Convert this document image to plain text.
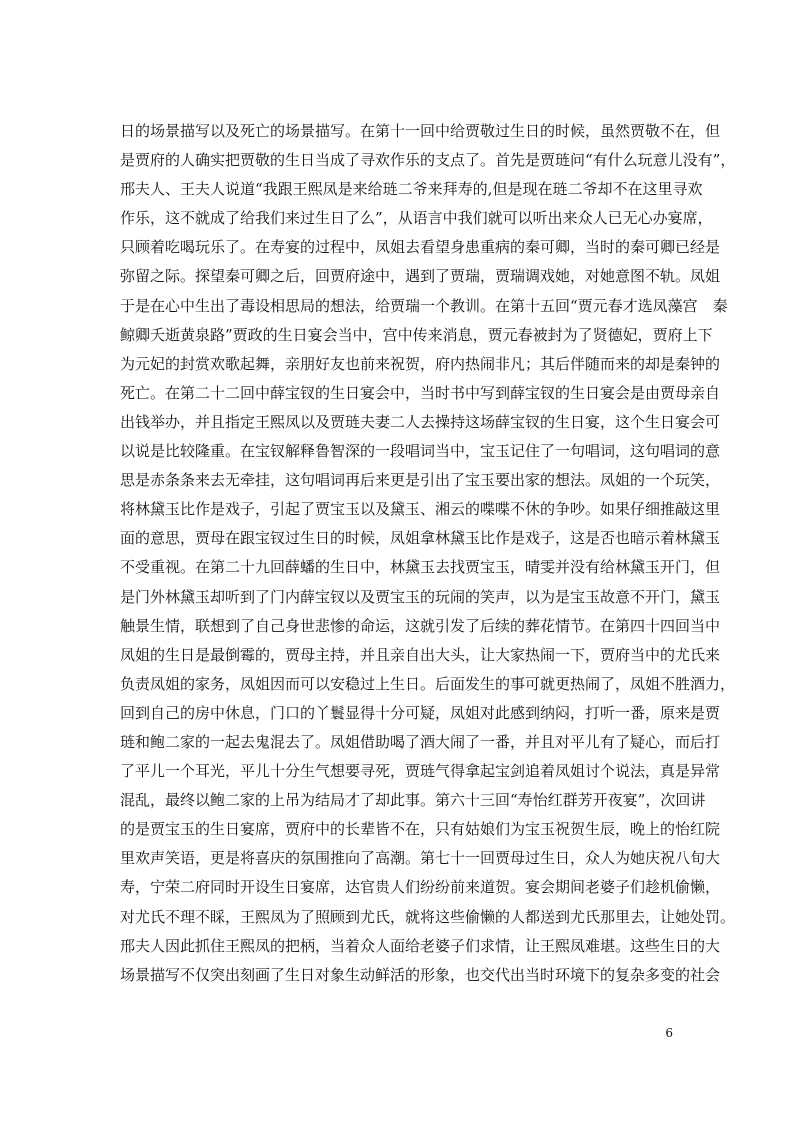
日的场景描写以及死亡的场景描写。在第十一回中给贾敬过生日的时候，虽然贾敬不在，但
是贾府的人确实把贾敬的生日当成了寻欢作乐的支点了。首先是贾琏问“有什么玩意儿没有”，
邢夫人、王夫人说道“我跟王熙凤是来给琏二爷来拜寿的,但是现在琏二爷却不在这里寻欢
作乐，这不就成了给我们来过生日了么”，从语言中我们就可以听出来众人已无心办宴席，
只顾着吃喝玩乐了。在寿宴的过程中，凤姐去看望身患重病的秦可卿，当时的秦可卿已经是
弥留之际。探望秦可卿之后，回贾府途中，遇到了贾瑞，贾瑞调戏她，对她意图不轨。凤姐
于是在心中生出了毒设相思局的想法，给贾瑞一个教训。在第十五回“贾元春才选凤藻宫　秦
鲸卿夭逝黄泉路”贾政的生日宴会当中，宫中传来消息，贾元春被封为了贤德妃，贾府上下
为元妃的封赏欢歌起舞，亲朋好友也前来祝贺，府内热闹非凡；其后伴随而来的却是秦钟的
死亡。在第二十二回中薛宝钗的生日宴会中，当时书中写到薛宝钗的生日宴会是由贾母亲自
出钱举办，并且指定王熙凤以及贾琏夫妻二人去操持这场薛宝钗的生日宴，这个生日宴会可
以说是比较隆重。在宝钗解释鲁智深的一段唱词当中，宝玉记住了一句唱词，这句唱词的意
思是赤条条来去无牵挂，这句唱词再后来更是引出了宝玉要出家的想法。凤姐的一个玩笑，
将林黛玉比作是戏子，引起了贾宝玉以及黛玉、湘云的喋喋不休的争吵。如果仔细推敲这里
面的意思，贾母在跟宝钗过生日的时候，凤姐拿林黛玉比作是戏子，这是否也暗示着林黛玉
不受重视。在第二十九回薛蟠的生日中，林黛玉去找贾宝玉，晴雯并没有给林黛玉开门，但
是门外林黛玉却听到了门内薛宝钗以及贾宝玉的玩闹的笑声，以为是宝玉故意不开门，黛玉
触景生情，联想到了自己身世悲惨的命运，这就引发了后续的葬花情节。在第四十四回当中
凤姐的生日是最倒霉的，贾母主持，并且亲自出大头，让大家热闹一下，贾府当中的尤氏来
负责凤姐的家务，凤姐因而可以安稳过上生日。后面发生的事可就更热闹了，凤姐不胜酒力，
回到自己的房中休息，门口的丫鬟显得十分可疑，凤姐对此感到纳闷，打听一番，原来是贾
琏和鲍二家的一起去鬼混去了。凤姐借助喝了酒大闹了一番，并且对平儿有了疑心，而后打
了平儿一个耳光，平儿十分生气想要寻死，贾琏气得拿起宝剑追着凤姐讨个说法，真是异常
混乱，最终以鲍二家的上吊为结局才了却此事。第六十三回“寿怡红群芳开夜宴”，次回讲
的是贾宝玉的生日宴席，贾府中的长辈皆不在，只有姑娘们为宝玉祝贺生辰，晚上的怡红院
里欢声笑语，更是将喜庆的氛围推向了高潮。第七十一回贾母过生日，众人为她庆祝八旬大
寿，宁荣二府同时开设生日宴席，达官贵人们纷纷前来道贺。宴会期间老婆子们趁机偷懒，
对尤氏不理不睬，王熙凤为了照顾到尤氏，就将这些偷懒的人都送到尤氏那里去，让她处罚。
邢夫人因此抓住王熙凤的把柄，当着众人面给老婆子们求情，让王熙凤难堪。这些生日的大
场景描写不仅突出刻画了生日对象生动鲜活的形象，也交代出当时环境下的复杂多变的社会
6
